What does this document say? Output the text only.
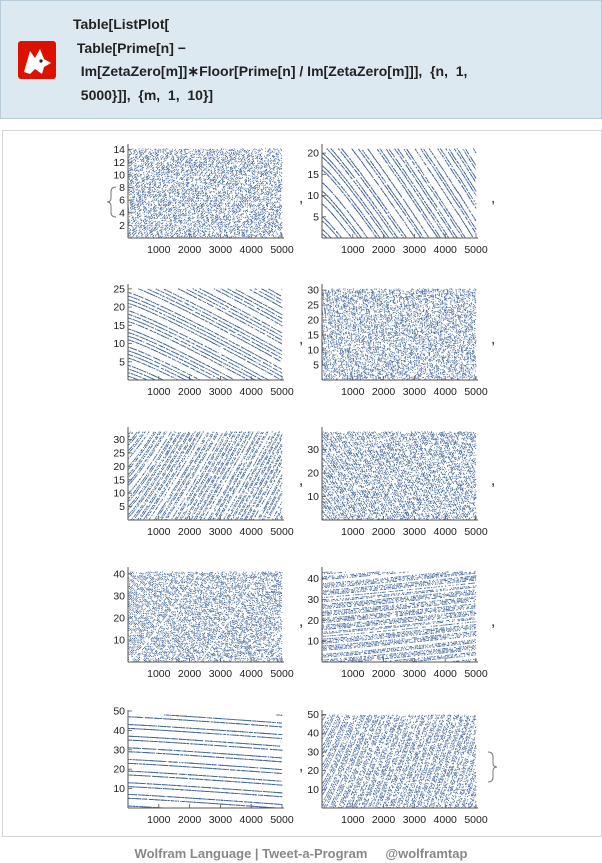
Table[ListPlot[
Table[Prime[n] −
Im[ZetaZero[m]]∗Floor[Prime[n] / Im[ZetaZero[m]]],  {n,  1,
5000}]],  {m,  1,  10}]
1000 2000 3000 4000 5000
2
4
6
8
10
12
14
,
1000 2000 3000 4000 5000
5
10
15
20
,
1000 2000 3000 4000 5000
5
10
15
20
25
,
1000 2000 3000 4000 5000
5
10
15
20
25
30
,
1000 2000 3000 4000 5000
5
10
15
20
25
30
,
1000 2000 3000 4000 5000
10
20
30
,
1000 2000 3000 4000 5000
10
20
30
40
,
1000 2000 3000 4000 5000
10
20
30
40
,
1000 2000 3000 4000 5000
10
20
30
40
50
,
1000 2000 3000 4000 5000
10
20
30
40
50
Wolfram Language | Tweet-a-Program @wolframtap
